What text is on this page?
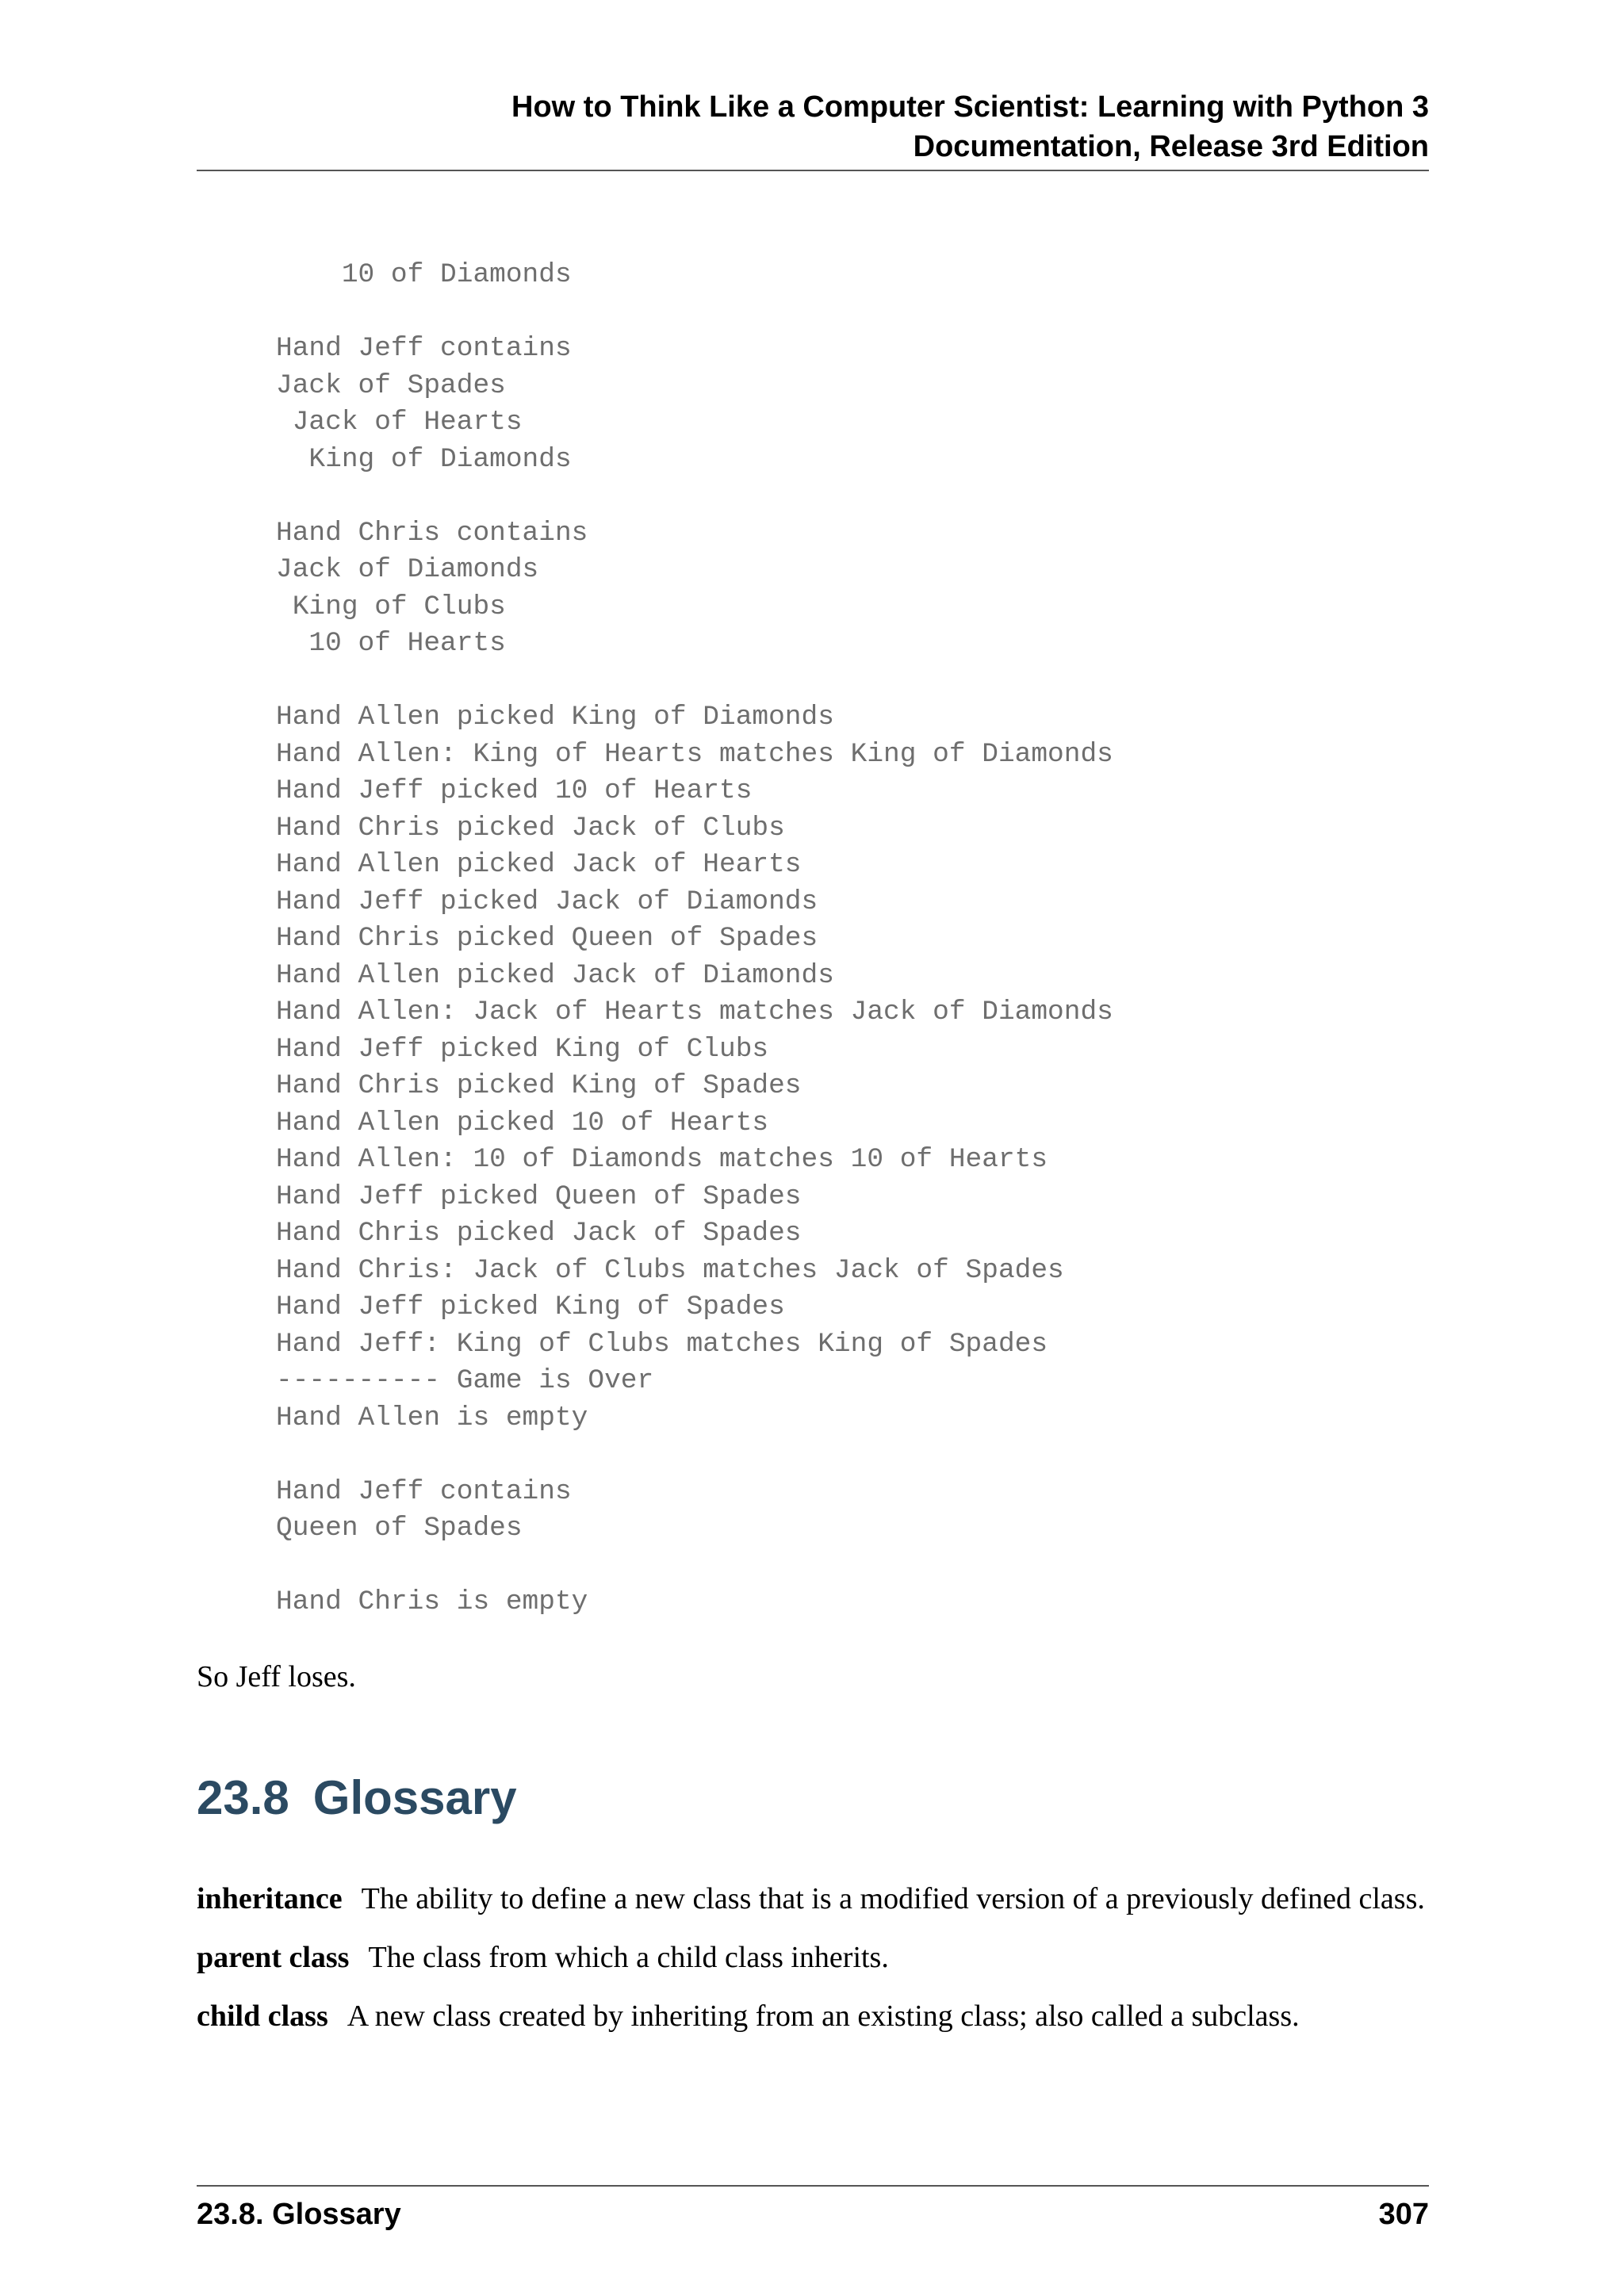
How to Think Like a Computer Scientist: Learning with Python 3
Documentation, Release 3rd Edition
10 of Diamonds
Hand Jeff contains
Jack of Spades
Jack of Hearts
King of Diamonds
Hand Chris contains
Jack of Diamonds
King of Clubs
10 of Hearts
Hand Allen picked King of Diamonds
Hand Allen: King of Hearts matches King of Diamonds
Hand Jeff picked 10 of Hearts
Hand Chris picked Jack of Clubs
Hand Allen picked Jack of Hearts
Hand Jeff picked Jack of Diamonds
Hand Chris picked Queen of Spades
Hand Allen picked Jack of Diamonds
Hand Allen: Jack of Hearts matches Jack of Diamonds
Hand Jeff picked King of Clubs
Hand Chris picked King of Spades
Hand Allen picked 10 of Hearts
Hand Allen: 10 of Diamonds matches 10 of Hearts
Hand Jeff picked Queen of Spades
Hand Chris picked Jack of Spades
Hand Chris: Jack of Clubs matches Jack of Spades
Hand Jeff picked King of Spades
Hand Jeff: King of Clubs matches King of Spades
---------- Game is Over
Hand Allen is empty
Hand Jeff contains
Queen of Spades
Hand Chris is empty

So Jeff loses.

23.8 Glossary
inheritance The ability to define a new class that is a modified version of a previously defined class.
parent class The class from which a child class inherits.
child class A new class created by inheriting from an existing class; also called a subclass.
23.8. Glossary	307
